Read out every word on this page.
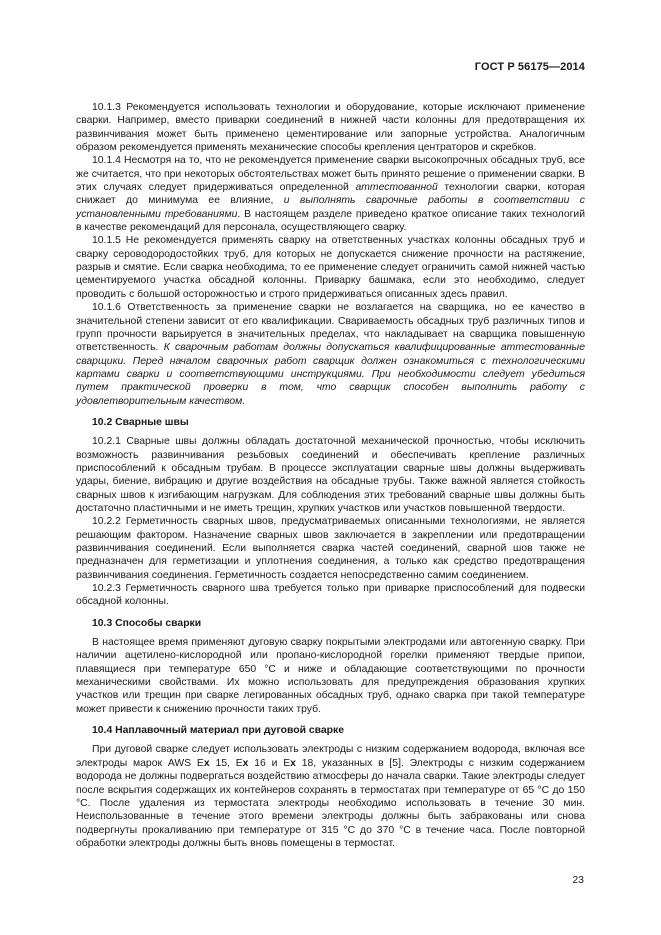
ГОСТ Р 56175—2014

10.1.3 Рекомендуется использовать технологии и оборудование, которые исключают применение сварки. Например, вместо приварки соединений в нижней части колонны для предотвращения их развинчивания может быть применено цементирование или запорные устройства. Аналогичным образом рекомендуется применять механические способы крепления центраторов и скребков.

10.1.4 Несмотря на то, что не рекомендуется применение сварки высокопрочных обсадных труб, все же считается, что при некоторых обстоятельствах может быть принято решение о применении сварки. В этих случаях следует придерживаться определенной аттестованной технологии сварки, которая снижает до минимума ее влияние, и выполнять сварочные работы в соответствии с установленными требованиями. В настоящем разделе приведено краткое описание таких технологий в качестве рекомендаций для персонала, осуществляющего сварку.

10.1.5 Не рекомендуется применять сварку на ответственных участках колонны обсадных труб и сварку сероводородостойких труб, для которых не допускается снижение прочности на растяжение, разрыв и смятие. Если сварка необходима, то ее применение следует ограничить самой нижней частью цементируемого участка обсадной колонны. Приварку башмака, если это необходимо, следует проводить с большой осторожностью и строго придерживаться описанных здесь правил.

10.1.6 Ответственность за применение сварки не возлагается на сварщика, но ее качество в значительной степени зависит от его квалификации. Свариваемость обсадных труб различных типов и групп прочности варьируется в значительных пределах, что накладывает на сварщика повышенную ответственность. К сварочным работам должны допускаться квалифицированные аттестованные сварщики. Перед началом сварочных работ сварщик должен ознакомиться с технологическими картами сварки и соответствующими инструкциями. При необходимости следует убедиться путем практической проверки в том, что сварщик способен выполнить работу с удовлетворительным качеством.

10.2 Сварные швы

10.2.1 Сварные швы должны обладать достаточной механической прочностью, чтобы исключить возможность развинчивания резьбовых соединений и обеспечивать крепление различных приспособлений к обсадным трубам. В процессе эксплуатации сварные швы должны выдерживать удары, биение, вибрацию и другие воздействия на обсадные трубы. Также важной является стойкость сварных швов к изгибающим нагрузкам. Для соблюдения этих требований сварные швы должны быть достаточно пластичными и не иметь трещин, хрупких участков или участков повышенной твердости.

10.2.2 Герметичность сварных швов, предусматриваемых описанными технологиями, не является решающим фактором. Назначение сварных швов заключается в закреплении или предотвращении развинчивания соединений. Если выполняется сварка частей соединений, сварной шов также не предназначен для герметизации и уплотнения соединения, а только как средство предотвращения развинчивания соединения. Герметичность создается непосредственно самим соединением.

10.2.3 Герметичность сварного шва требуется только при приварке приспособлений для подвески обсадной колонны.

10.3 Способы сварки

В настоящее время применяют дуговую сварку покрытыми электродами или автогенную сварку. При наличии ацетилено-кислородной или пропано-кислородной горелки применяют твердые припои, плавящиеся при температуре 650 °C и ниже и обладающие соответствующими по прочности механическими свойствами. Их можно использовать для предупреждения образования хрупких участков или трещин при сварке легированных обсадных труб, однако сварка при такой температуре может привести к снижению прочности таких труб.

10.4 Наплавочный материал при дуговой сварке

При дуговой сварке следует использовать электроды с низким содержанием водорода, включая все электроды марок AWS Ex 15, Ex 16 и Ex 18, указанных в [5]. Электроды с низким содержанием водорода не должны подвергаться воздействию атмосферы до начала сварки. Такие электроды следует после вскрытия содержащих их контейнеров сохранять в термостатах при температуре от 65 °C до 150 °C. После удаления из термостата электроды необходимо использовать в течение 30 мин. Неиспользованные в течение этого времени электроды должны быть забракованы или снова подвергнуты прокаливанию при температуре от 315 °C до 370 °C в течение часа. После повторной обработки электроды должны быть вновь помещены в термостат.

23
